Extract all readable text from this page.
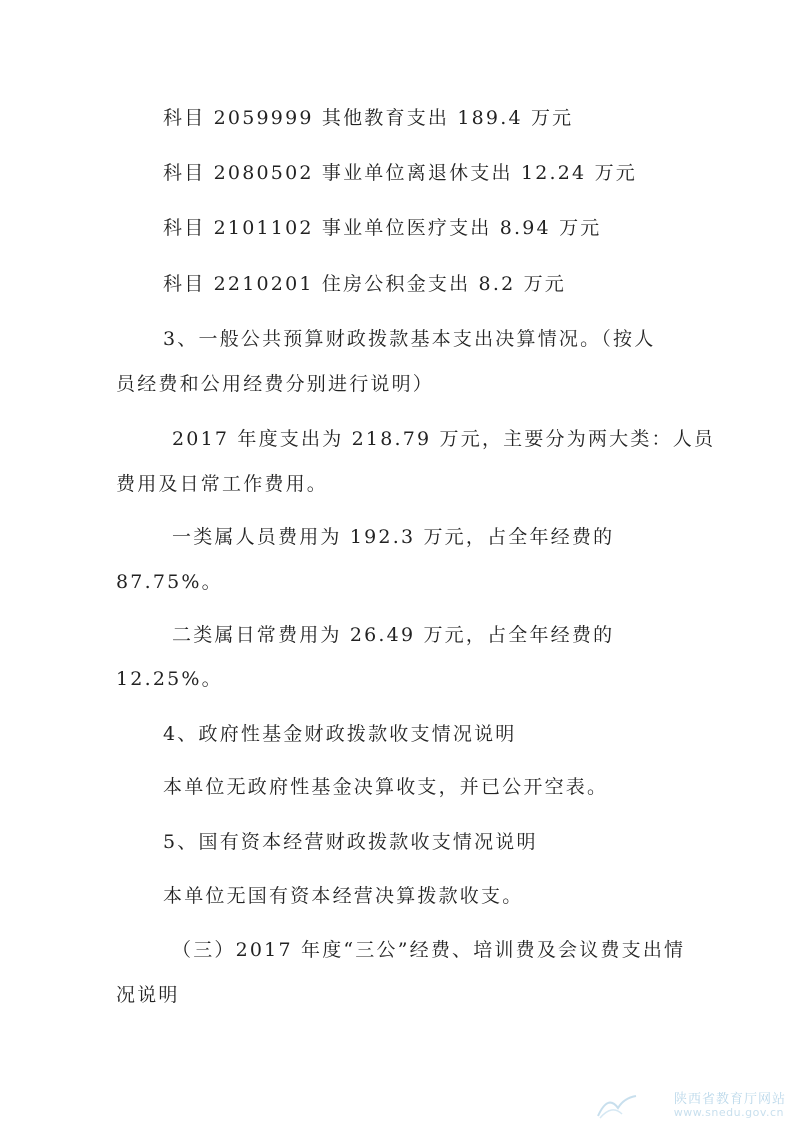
科目 2059999 其他教育支出 189.4 万元
科目 2080502 事业单位离退休支出 12.24 万元
科目 2101102 事业单位医疗支出 8.94 万元
科目 2210201 住房公积金支出 8.2 万元
3、一般公共预算财政拨款基本支出决算情况。（按人
员经费和公用经费分别进行说明）
2017 年度支出为 218.79 万元，主要分为两大类：人员
费用及日常工作费用。
一类属人员费用为 192.3 万元，占全年经费的
87.75%。
二类属日常费用为 26.49 万元，占全年经费的
12.25%。
4、政府性基金财政拨款收支情况说明
本单位无政府性基金决算收支，并已公开空表。
5、国有资本经营财政拨款收支情况说明
本单位无国有资本经营决算拨款收支。
（三）2017 年度“三公”经费、培训费及会议费支出情
况说明
陕西省教育厅网站
www.snedu.gov.cn
